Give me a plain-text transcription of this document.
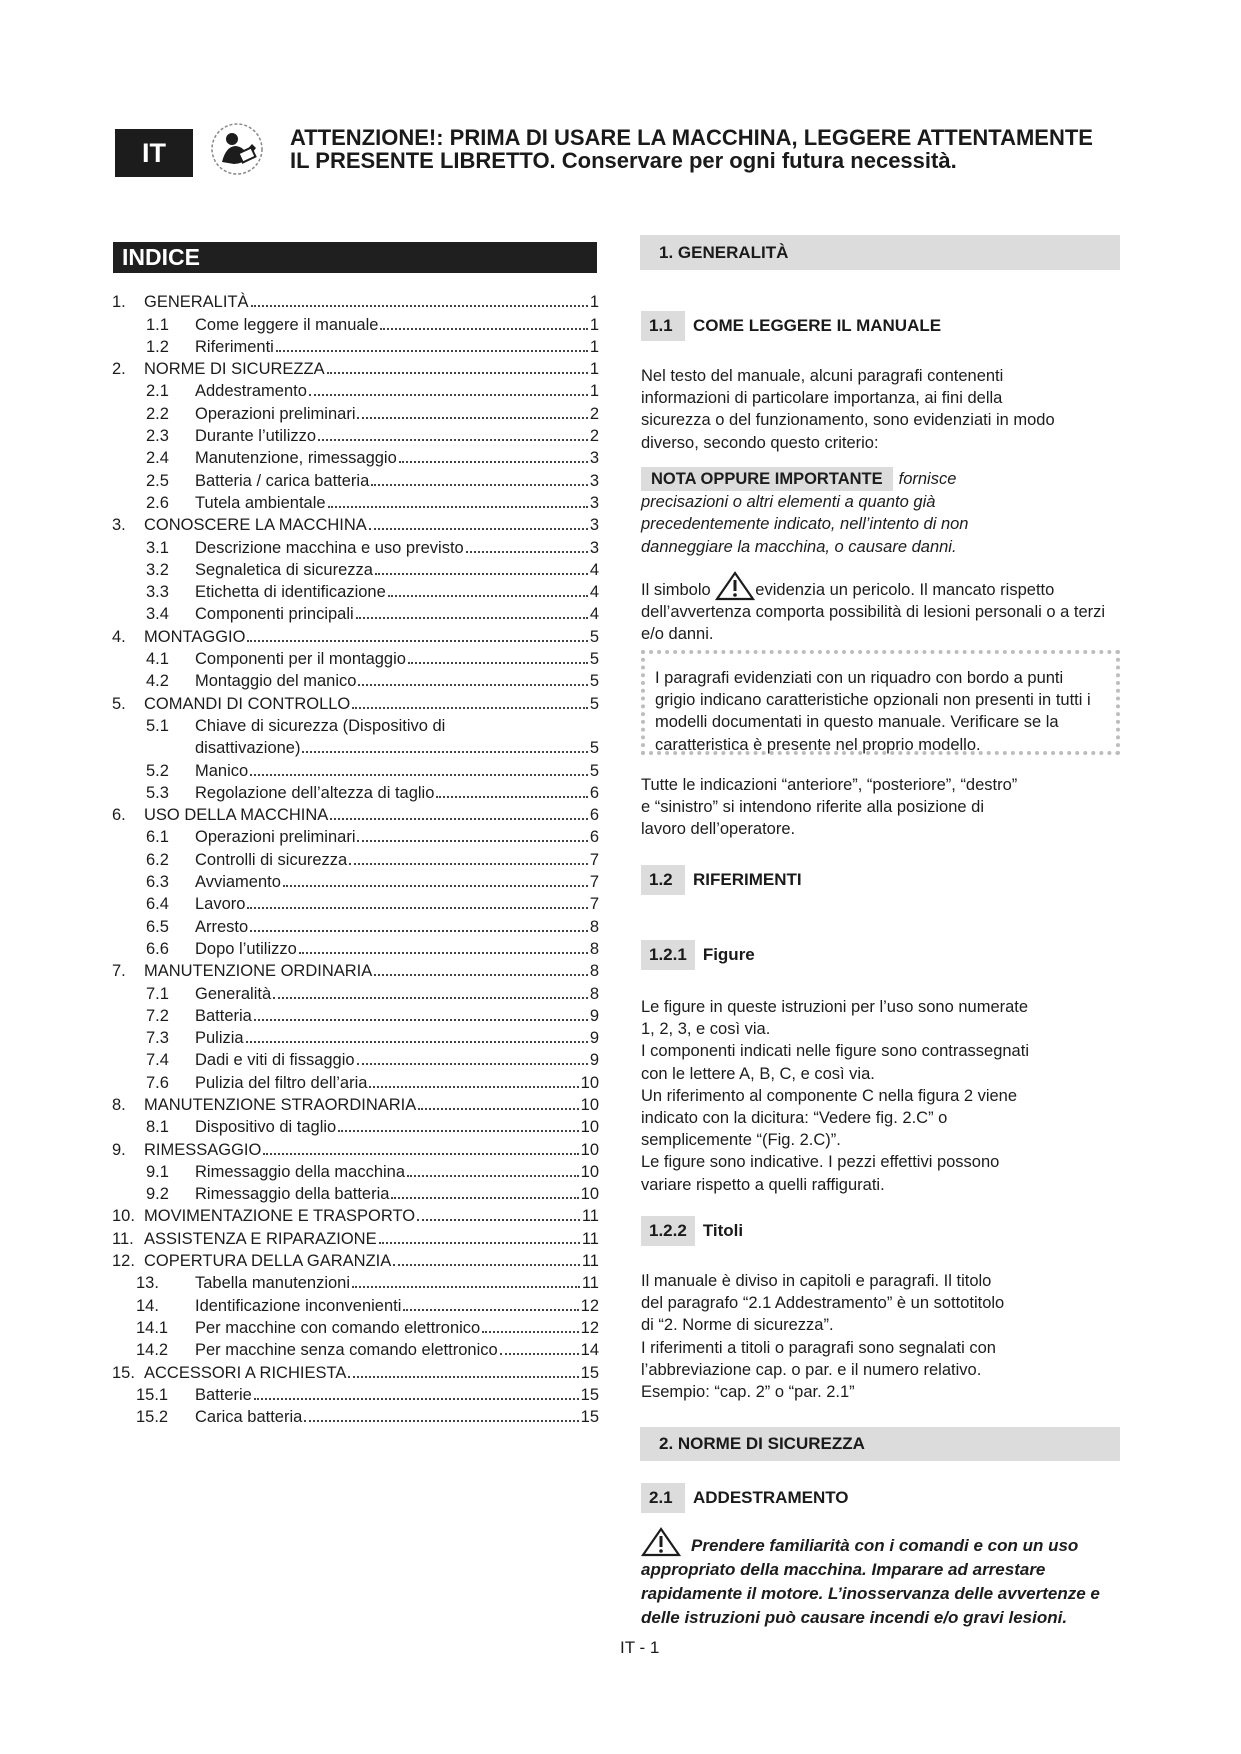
IT	ATTENZIONE!: PRIMA DI USARE LA MACCHINA, LEGGERE ATTENTAMENTE
IL PRESENTE LIBRETTO. Conservare per ogni futura necessità.
INDICE
1.	GENERALITÀ	1
1.1	Come leggere il manuale	1
1.2	Riferimenti	1
2.	NORME DI SICUREZZA	1
2.1	Addestramento	1
2.2	Operazioni preliminari	2
2.3	Durante l’utilizzo	2
2.4	Manutenzione, rimessaggio	3
2.5	Batteria / carica batteria	3
2.6	Tutela ambientale	3
3.	CONOSCERE LA MACCHINA	3
3.1	Descrizione macchina e uso previsto	3
3.2	Segnaletica di sicurezza	4
3.3	Etichetta di identificazione	4
3.4	Componenti principali	4
4.	MONTAGGIO	5
4.1	Componenti per il montaggio	5
4.2	Montaggio del manico	5
5.	COMANDI DI CONTROLLO	5
5.1	Chiave di sicurezza (Dispositivo di
disattivazione)	5
5.2	Manico	5
5.3	Regolazione dell’altezza di taglio	6
6.	USO DELLA MACCHINA	6
6.1	Operazioni preliminari	6
6.2	Controlli di sicurezza	7
6.3	Avviamento	7
6.4	Lavoro	7
6.5	Arresto	8
6.6	Dopo l’utilizzo	8
7.	MANUTENZIONE ORDINARIA	8
7.1	Generalità	8
7.2	Batteria	9
7.3	Pulizia	9
7.4	Dadi e viti di fissaggio	9
7.6	Pulizia del filtro dell’aria	10
8.	MANUTENZIONE STRAORDINARIA	10
8.1	Dispositivo di taglio	10
9.	RIMESSAGGIO	10
9.1	Rimessaggio della macchina	10
9.2	Rimessaggio della batteria	10
10. MOVIMENTAZIONE E TRASPORTO	11
11. ASSISTENZA E RIPARAZIONE	11
12. COPERTURA DELLA GARANZIA	11
13.	Tabella manutenzioni	11
14.	Identificazione inconvenienti	12
14.1	Per macchine con comando elettronico	12
14.2	Per macchine senza comando elettronico	14
15. ACCESSORI A RICHIESTA	15
15.1	Batterie	15
15.2	Carica batteria	15
1. GENERALITÀ
1.1	COME LEGGERE IL MANUALE

Nel testo del manuale, alcuni paragrafi contenenti informazioni di particolare importanza, ai fini della sicurezza o del funzionamento, sono evidenziati in modo diverso, secondo questo criterio:

NOTA OPPURE IMPORTANTE fornisce precisazioni o altri elementi a quanto già precedentemente indicato, nell’intento di non danneggiare la macchina, o causare danni.

Il simbolo	evidenzia un pericolo. Il mancato rispetto dell’avvertenza comporta possibilità di lesioni personali o a terzi e/o danni.

I paragrafi evidenziati con un riquadro con bordo a punti grigio indicano caratteristiche opzionali non presenti in tutti i modelli documentati in questo manuale. Verificare se la caratteristica è presente nel proprio modello.

Tutte le indicazioni “anteriore”, “posteriore”, “destro” e “sinistro” si intendono riferite alla posizione di lavoro dell’operatore.

1.2	RIFERIMENTI
1.2.1 Figure

Le figure in queste istruzioni per l’uso sono numerate 1, 2, 3, e così via.

I componenti indicati nelle figure sono contrassegnati con le lettere A, B, C, e così via.

Un riferimento al componente C nella figura 2 viene indicato con la dicitura: “Vedere fig. 2.C” o semplicemente “(Fig. 2.C)”.

Le figure sono indicative. I pezzi effettivi possono variare rispetto a quelli raffigurati.

1.2.2 Titoli

Il manuale è diviso in capitoli e paragrafi. Il titolo del paragrafo “2.1 Addestramento” è un sottotitolo di “2. Norme di sicurezza”.

I riferimenti a titoli o paragrafi sono segnalati con l’abbreviazione cap. o par. e il numero relativo. Esempio: “cap. 2” o “par. 2.1”

2. NORME DI SICUREZZA
2.1	ADDESTRAMENTO

Prendere familiarità con i comandi e con un uso appropriato della macchina. Imparare ad arrestare rapidamente il motore. L’inosservanza delle avvertenze e delle istruzioni può causare incendi e/o gravi lesioni.

IT - 1
